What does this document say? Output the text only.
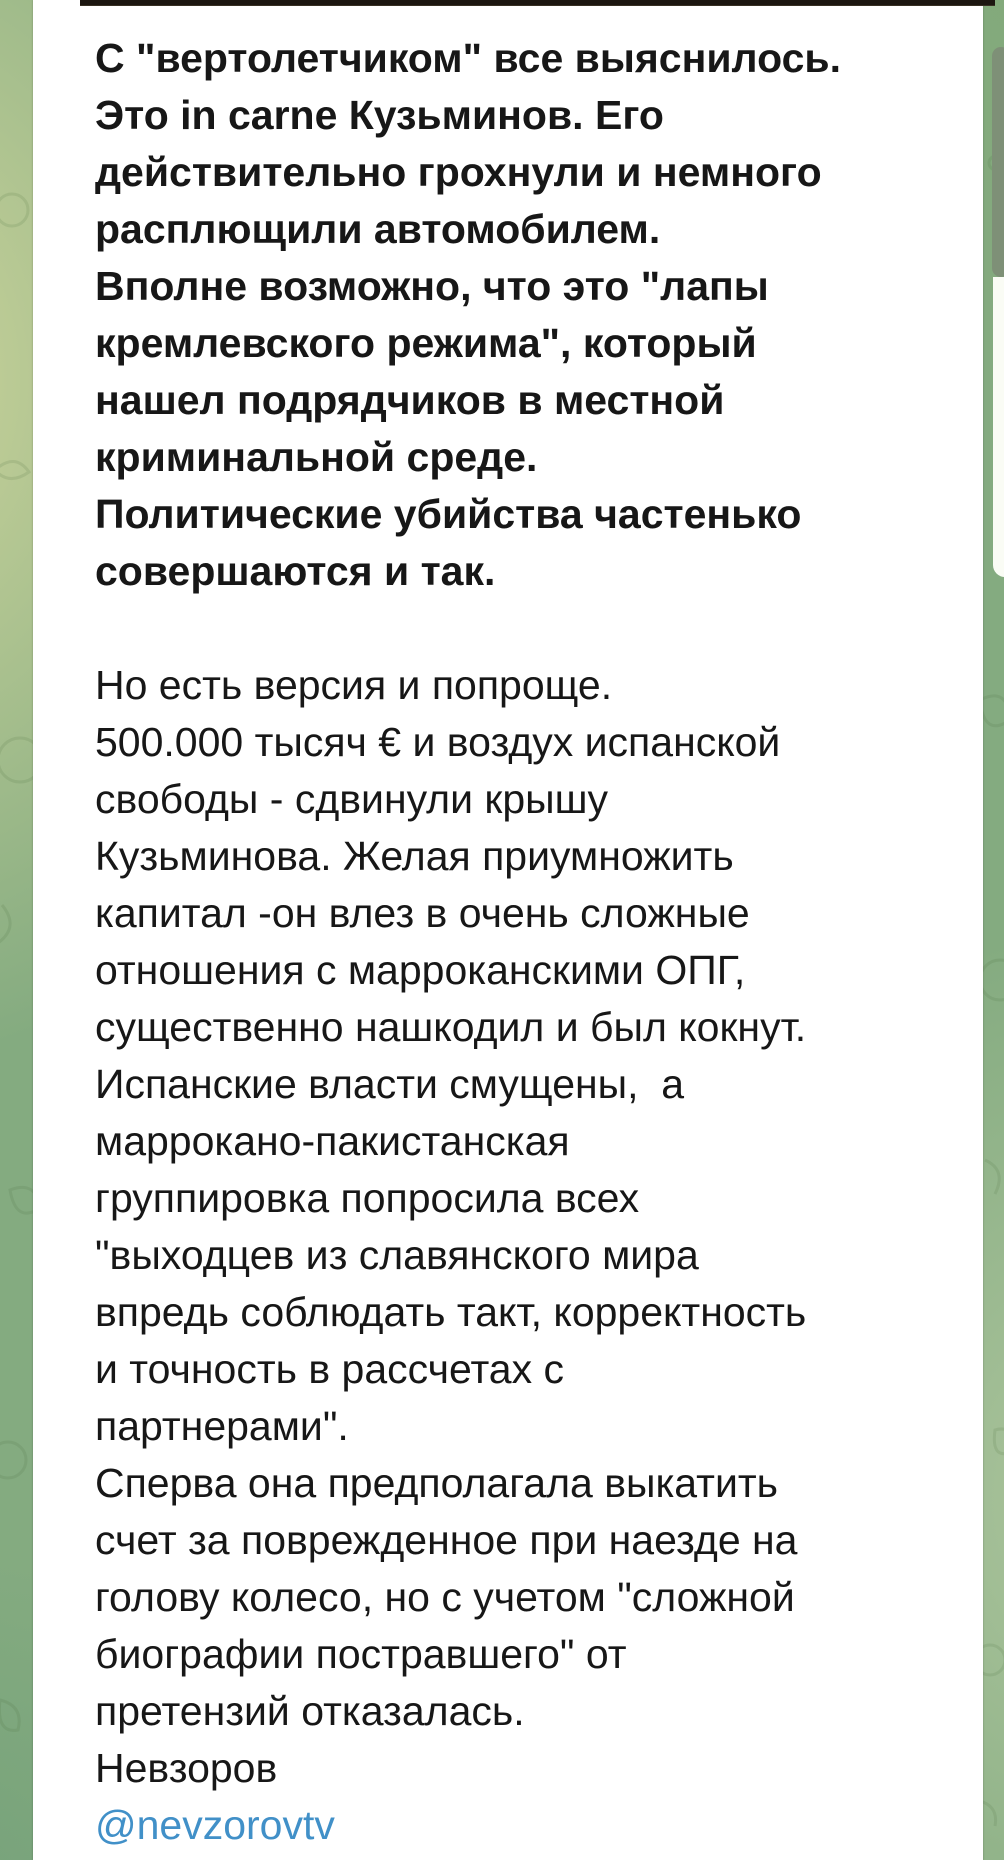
С "вертолетчиком" все выяснилось.
Это in carne Кузьминов. Его
действительно грохнули и немного
расплющили автомобилем.
Вполне возможно, что это "лапы
кремлевского режима", который
нашел подрядчиков в местной
криминальной среде.
Политические убийства частенько
совершаются и так.
Но есть версия и попроще.
500.000 тысяч € и воздух испанской
свободы - сдвинули крышу
Кузьминова. Желая приумножить
капитал -он влез в очень сложные
отношения с марроканскими ОПГ,
существенно нашкодил и был кокнут.
Испанские власти смущены,  а
маррокано-пакистанская
группировка попросила всех
"выходцев из славянского мира
впредь соблюдать такт, корректность
и точность в рассчетах с
партнерами".
Сперва она предполагала выкатить
счет за поврежденное при наезде на
голову колесо, но с учетом "сложной
биографии постравшего" от
претензий отказалась.
Невзоров
@nevzorovtv
